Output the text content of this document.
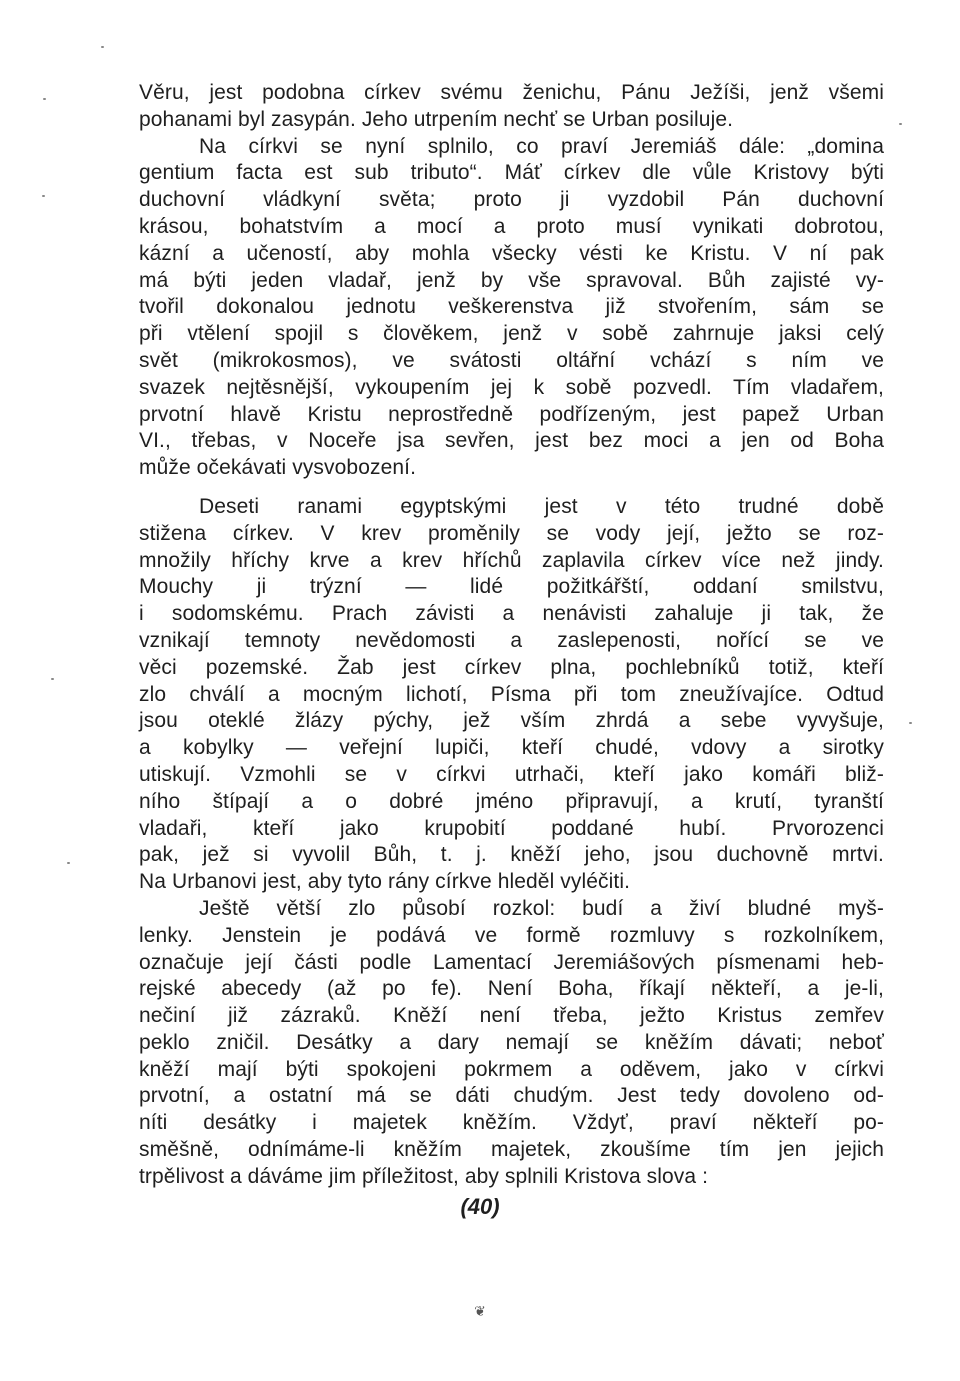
Věru, jest podobna církev svému ženichu, Pánu Ježíši, jenž všemi
pohanami byl zasypán. Jeho utrpením nechť se Urban posiluje.
Na církvi se nyní splnilo, co praví Jeremiáš dále: „domina
gentium facta est sub tributo“. Máť církev dle vůle Kristovy býti
duchovní vládkyní světa; proto ji vyzdobil Pán duchovní
krásou, bohatstvím a mocí a proto musí vynikati dobrotou,
kázní a učeností, aby mohla všecky vésti ke Kristu. V ní pak
má býti jeden vladař, jenž by vše spravoval. Bůh zajisté vy-
tvořil dokonalou jednotu veškerenstva již stvořením, sám se
při vtělení spojil s člověkem, jenž v sobě zahrnuje jaksi celý
svět (mikrokosmos), ve svátosti oltářní vchází s ním ve
svazek nejtěsnější, vykoupením jej k sobě pozvedl. Tím vladařem,
prvotní hlavě Kristu neprostředně podřízeným, jest papež Urban
VI., třebas, v Noceře jsa sevřen, jest bez moci a jen od Boha
může očekávati vysvobození.
Deseti ranami egyptskými jest v této trudné době
stižena církev. V krev proměnily se vody její, ježto se roz-
množily hříchy krve a krev hříchů zaplavila církev více než jindy.
Mouchy ji trýzní — lidé požitkářští, oddaní smilstvu,
i sodomskému. Prach závisti a nenávisti zahaluje ji tak, že
vznikají temnoty nevědomosti a zaslepenosti, nořící se ve
věci pozemské. Žab jest církev plna, pochlebníků totiž, kteří
zlo chválí a mocným lichotí, Písma při tom zneužívajíce. Odtud
jsou oteklé žlázy pýchy, jež vším zhrdá a sebe vyvyšuje,
a kobylky — veřejní lupiči, kteří chudé, vdovy a sirotky
utiskují. Vzmohli se v církvi utrhači, kteří jako komáři bliž-
ního štípají a o dobré jméno připravují, a krutí, tyranští
vladaři, kteří jako krupobití poddané hubí. Prvorozenci
pak, jež si vyvolil Bůh, t. j. kněží jeho, jsou duchovně mrtvi.
Na Urbanovi jest, aby tyto rány církve hleděl vyléčiti.
Ještě větší zlo působí rozkol: budí a živí bludné myš-
lenky. Jenstein je podává ve formě rozmluvy s rozkolníkem,
označuje její části podle Lamentací Jeremiášových písmenami heb-
rejské abecedy (až po fe). Není Boha, říkají někteří, a je-li,
nečiní již zázraků. Kněží není třeba, ježto Kristus zemřev
peklo zničil. Desátky a dary nemají se kněžím dávati; neboť
kněží mají býti spokojeni pokrmem a oděvem, jako v církvi
prvotní, a ostatní má se dáti chudým. Jest tedy dovoleno od-
níti desátky i majetek kněžím. Vždyť, praví někteří po-
směšně, odnímáme-li kněžím majetek, zkoušíme tím jen jejich
trpělivost a dáváme jim příležitost, aby splnili Kristova slova :
(40)
❦
